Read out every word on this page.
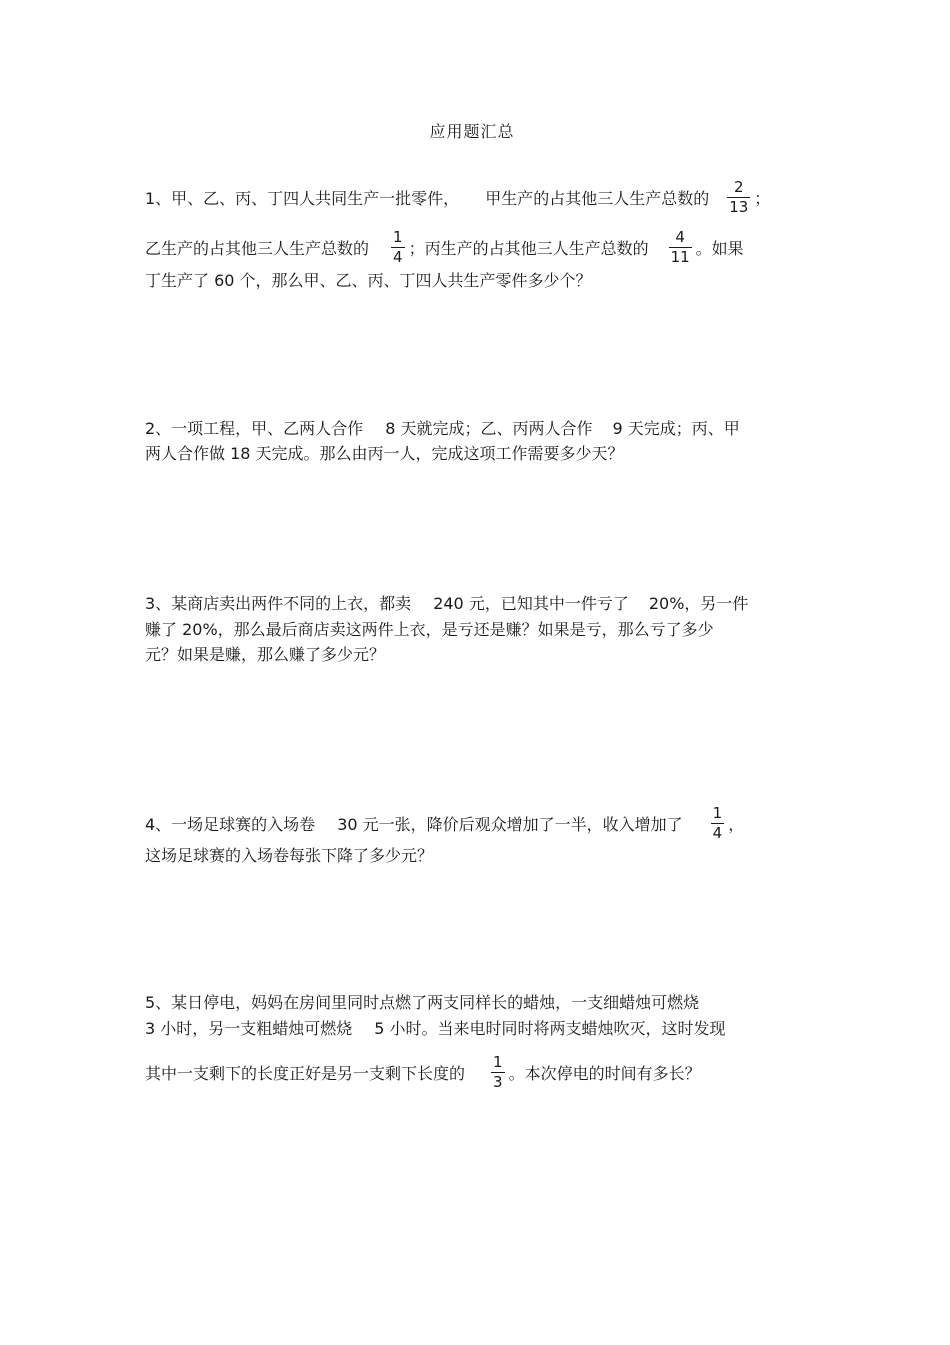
应用题汇总
1、甲、乙、丙、丁四人共同生产一批零件， 甲生产的占其他三人生产总数的 $\frac{2}{13}$ ；
乙生产的占其他三人生产总数的 $\frac{1}{4}$ ；丙生产的占其他三人生产总数的 $\frac{4}{11}$ 。如果
丁生产了 60 个，那么甲、乙、丙、丁四人共生产零件多少个？
2、一项工程，甲、乙两人合作 8 天就完成；乙、丙两人合作 9 天完成；丙、甲
两人合作做 18 天完成。那么由丙一人，完成这项工作需要多少天？
3、某商店卖出两件不同的上衣，都卖 240 元，已知其中一件亏了 20%，另一件
赚了 20%，那么最后商店卖这两件上衣，是亏还是赚？如果是亏，那么亏了多少
元？如果是赚，那么赚了多少元？
4、一场足球赛的入场卷 30 元一张，降价后观众增加了一半，收入增加了 $\frac{1}{4}$ ，
这场足球赛的入场卷每张下降了多少元？
5、某日停电，妈妈在房间里同时点燃了两支同样长的蜡烛，一支细蜡烛可燃烧
3 小时，另一支粗蜡烛可燃烧 5 小时。当来电时同时将两支蜡烛吹灭，这时发现
其中一支剩下的长度正好是另一支剩下长度的 $\frac{1}{3}$ 。本次停电的时间有多长？
